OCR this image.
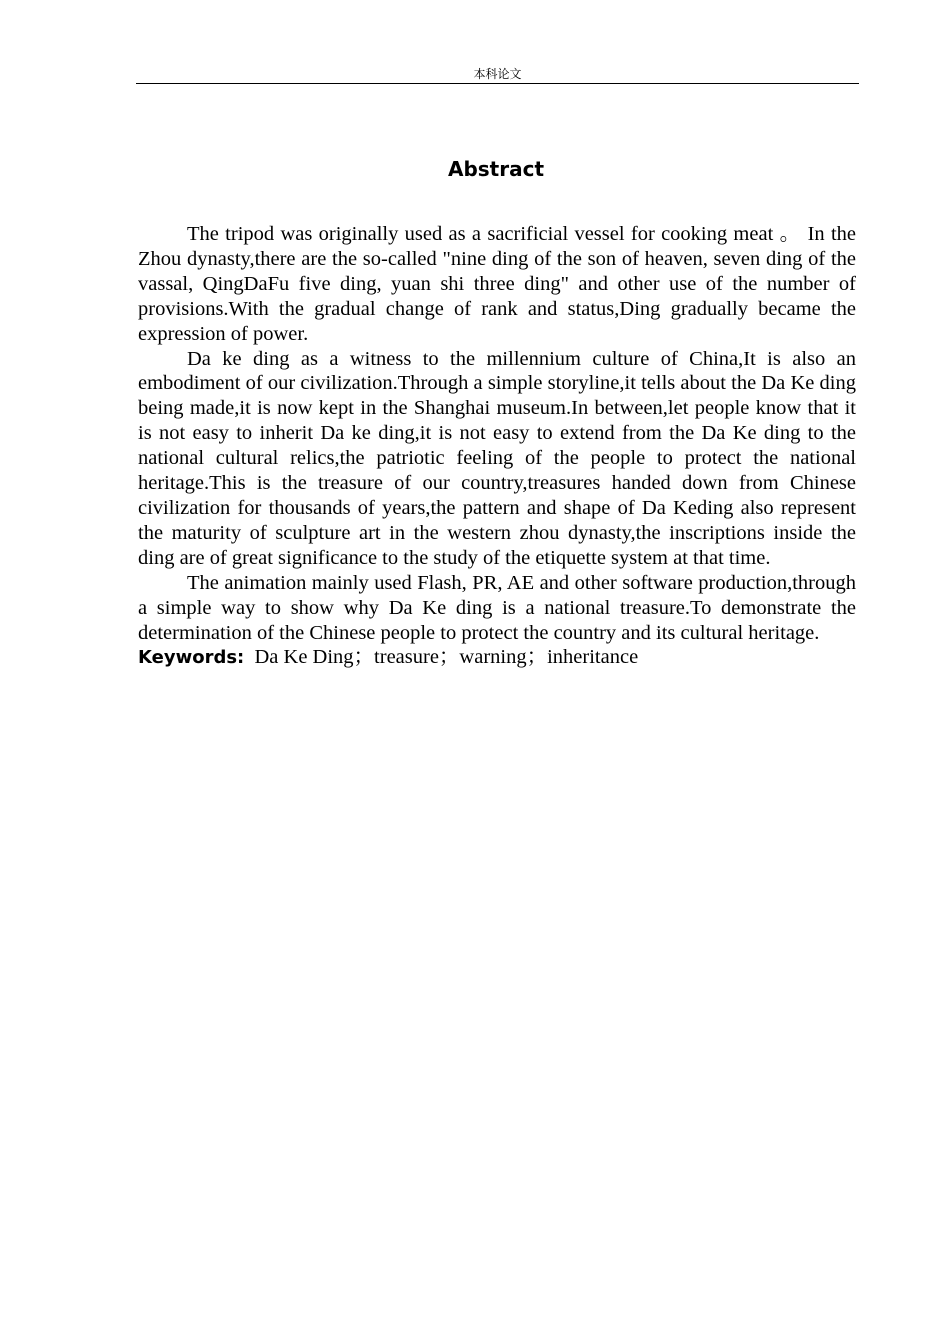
本科论文
Abstract

The tripod was originally used as a sacrificial vessel for cooking meat 。 In the Zhou dynasty,there are the so-called "nine ding of the son of heaven, seven ding of the vassal, QingDaFu five ding, yuan shi three ding" and other use of the number of provisions.With the gradual change of rank and status,Ding gradually became the expression of power.

Da ke ding as a witness to the millennium culture of China,It is also an embodiment of our civilization.Through a simple storyline,it tells about the Da Ke ding being made,it is now kept in the Shanghai museum.In between,let people know that it is not easy to inherit Da ke ding,it is not easy to extend from the Da Ke ding to the national cultural relics,the patriotic feeling of the people to protect the national heritage.This is the treasure of our country,treasures handed down from Chinese civilization for thousands of years,the pattern and shape of Da Keding also represent the maturity of sculpture art in the western zhou dynasty,the inscriptions inside the ding are of great significance to the study of the etiquette system at that time.

The animation mainly used Flash, PR, AE and other software production,through a simple way to show why Da Ke ding is a national treasure.To demonstrate the determination of the Chinese people to protect the country and its cultural heritage.

Keywords: Da Ke Ding；treasure；warning；inheritance
